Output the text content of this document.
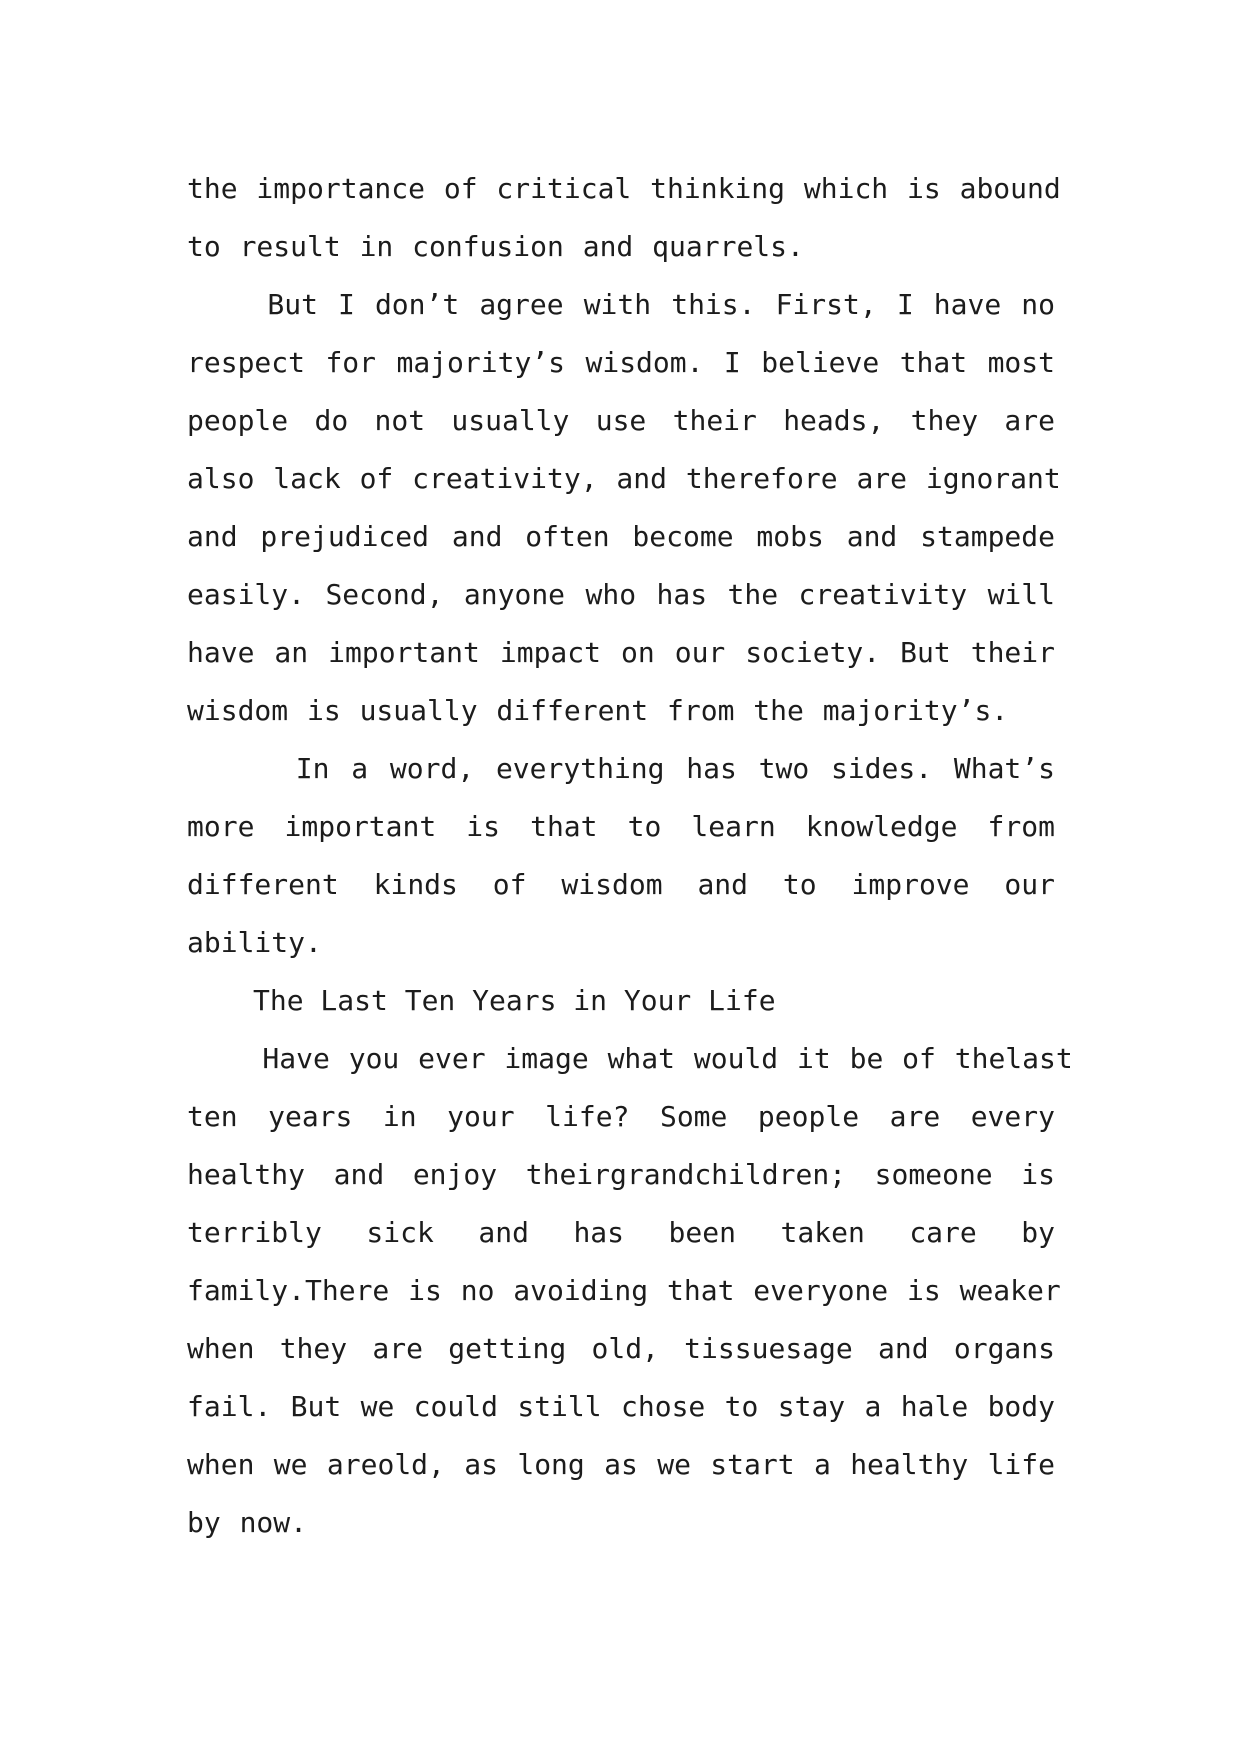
the importance of critical thinking which is abound
to result in confusion and quarrels.
But I don’t agree with this. First, I have no
respect for majority’s wisdom. I believe that most
people do not usually use their heads, they are
also lack of creativity, and therefore are ignorant
and prejudiced and often become mobs and stampede
easily. Second, anyone who has the creativity will
have an important impact on our society. But their
wisdom is usually different from the majority’s.
In a word, everything has two sides. What’s
more important is that to learn knowledge from
different kinds of wisdom and to improve our
ability.
The Last Ten Years in Your Life
Have you ever image what would it be of thelast
ten years in your life? Some people are every
healthy and enjoy theirgrandchildren; someone is
terribly sick and has been taken care by
family.There is no avoiding that everyone is weaker
when they are getting old, tissuesage and organs
fail. But we could still chose to stay a hale body
when we areold, as long as we start a healthy life
by now.
